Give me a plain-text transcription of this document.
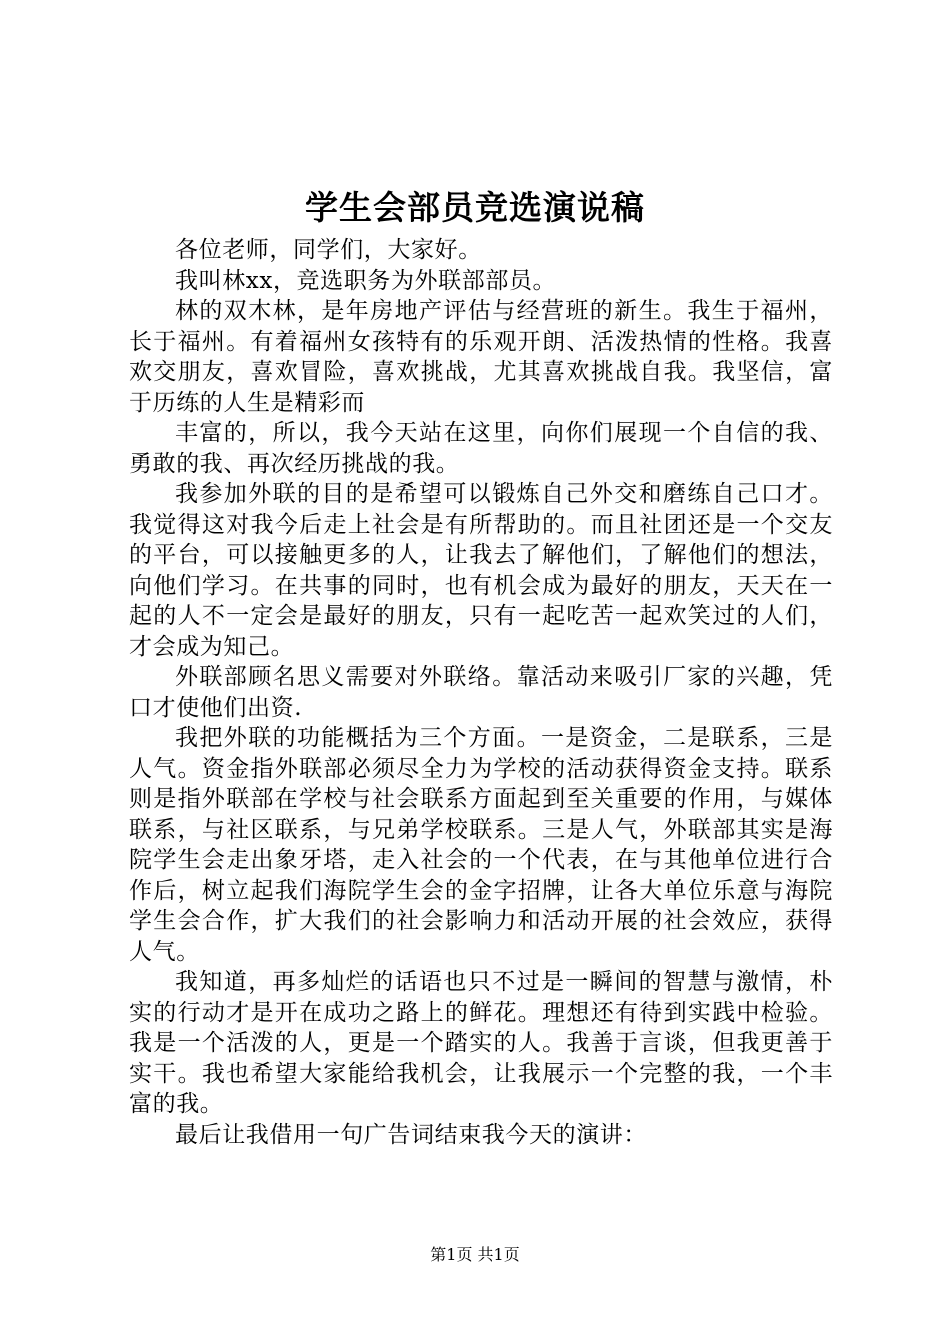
学生会部员竞选演说稿

各位老师，同学们，大家好。

我叫林xx，竞选职务为外联部部员。

林的双木林，是年房地产评估与经营班的新生。我生于福州，长于福州。有着福州女孩特有的乐观开朗、活泼热情的性格。我喜欢交朋友，喜欢冒险，喜欢挑战，尤其喜欢挑战自我。我坚信，富于历练的人生是精彩而

丰富的，所以，我今天站在这里，向你们展现一个自信的我、勇敢的我、再次经历挑战的我。

我参加外联的目的是希望可以锻炼自己外交和磨练自己口才。我觉得这对我今后走上社会是有所帮助的。而且社团还是一个交友的平台，可以接触更多的人，让我去了解他们，了解他们的想法，向他们学习。在共事的同时，也有机会成为最好的朋友，天天在一起的人不一定会是最好的朋友，只有一起吃苦一起欢笑过的人们，才会成为知己。

外联部顾名思义需要对外联络。靠活动来吸引厂家的兴趣，凭口才使他们出资.

我把外联的功能概括为三个方面。一是资金，二是联系，三是人气。资金指外联部必须尽全力为学校的活动获得资金支持。联系则是指外联部在学校与社会联系方面起到至关重要的作用，与媒体联系，与社区联系，与兄弟学校联系。三是人气，外联部其实是海院学生会走出象牙塔，走入社会的一个代表，在与其他单位进行合作后，树立起我们海院学生会的金字招牌，让各大单位乐意与海院学生会合作，扩大我们的社会影响力和活动开展的社会效应，获得人气。

我知道，再多灿烂的话语也只不过是一瞬间的智慧与激情，朴实的行动才是开在成功之路上的鲜花。理想还有待到实践中检验。我是一个活泼的人，更是一个踏实的人。我善于言谈，但我更善于实干。我也希望大家能给我机会，让我展示一个完整的我，一个丰富的我。

最后让我借用一句广告词结束我今天的演讲：

第1页 共1页
